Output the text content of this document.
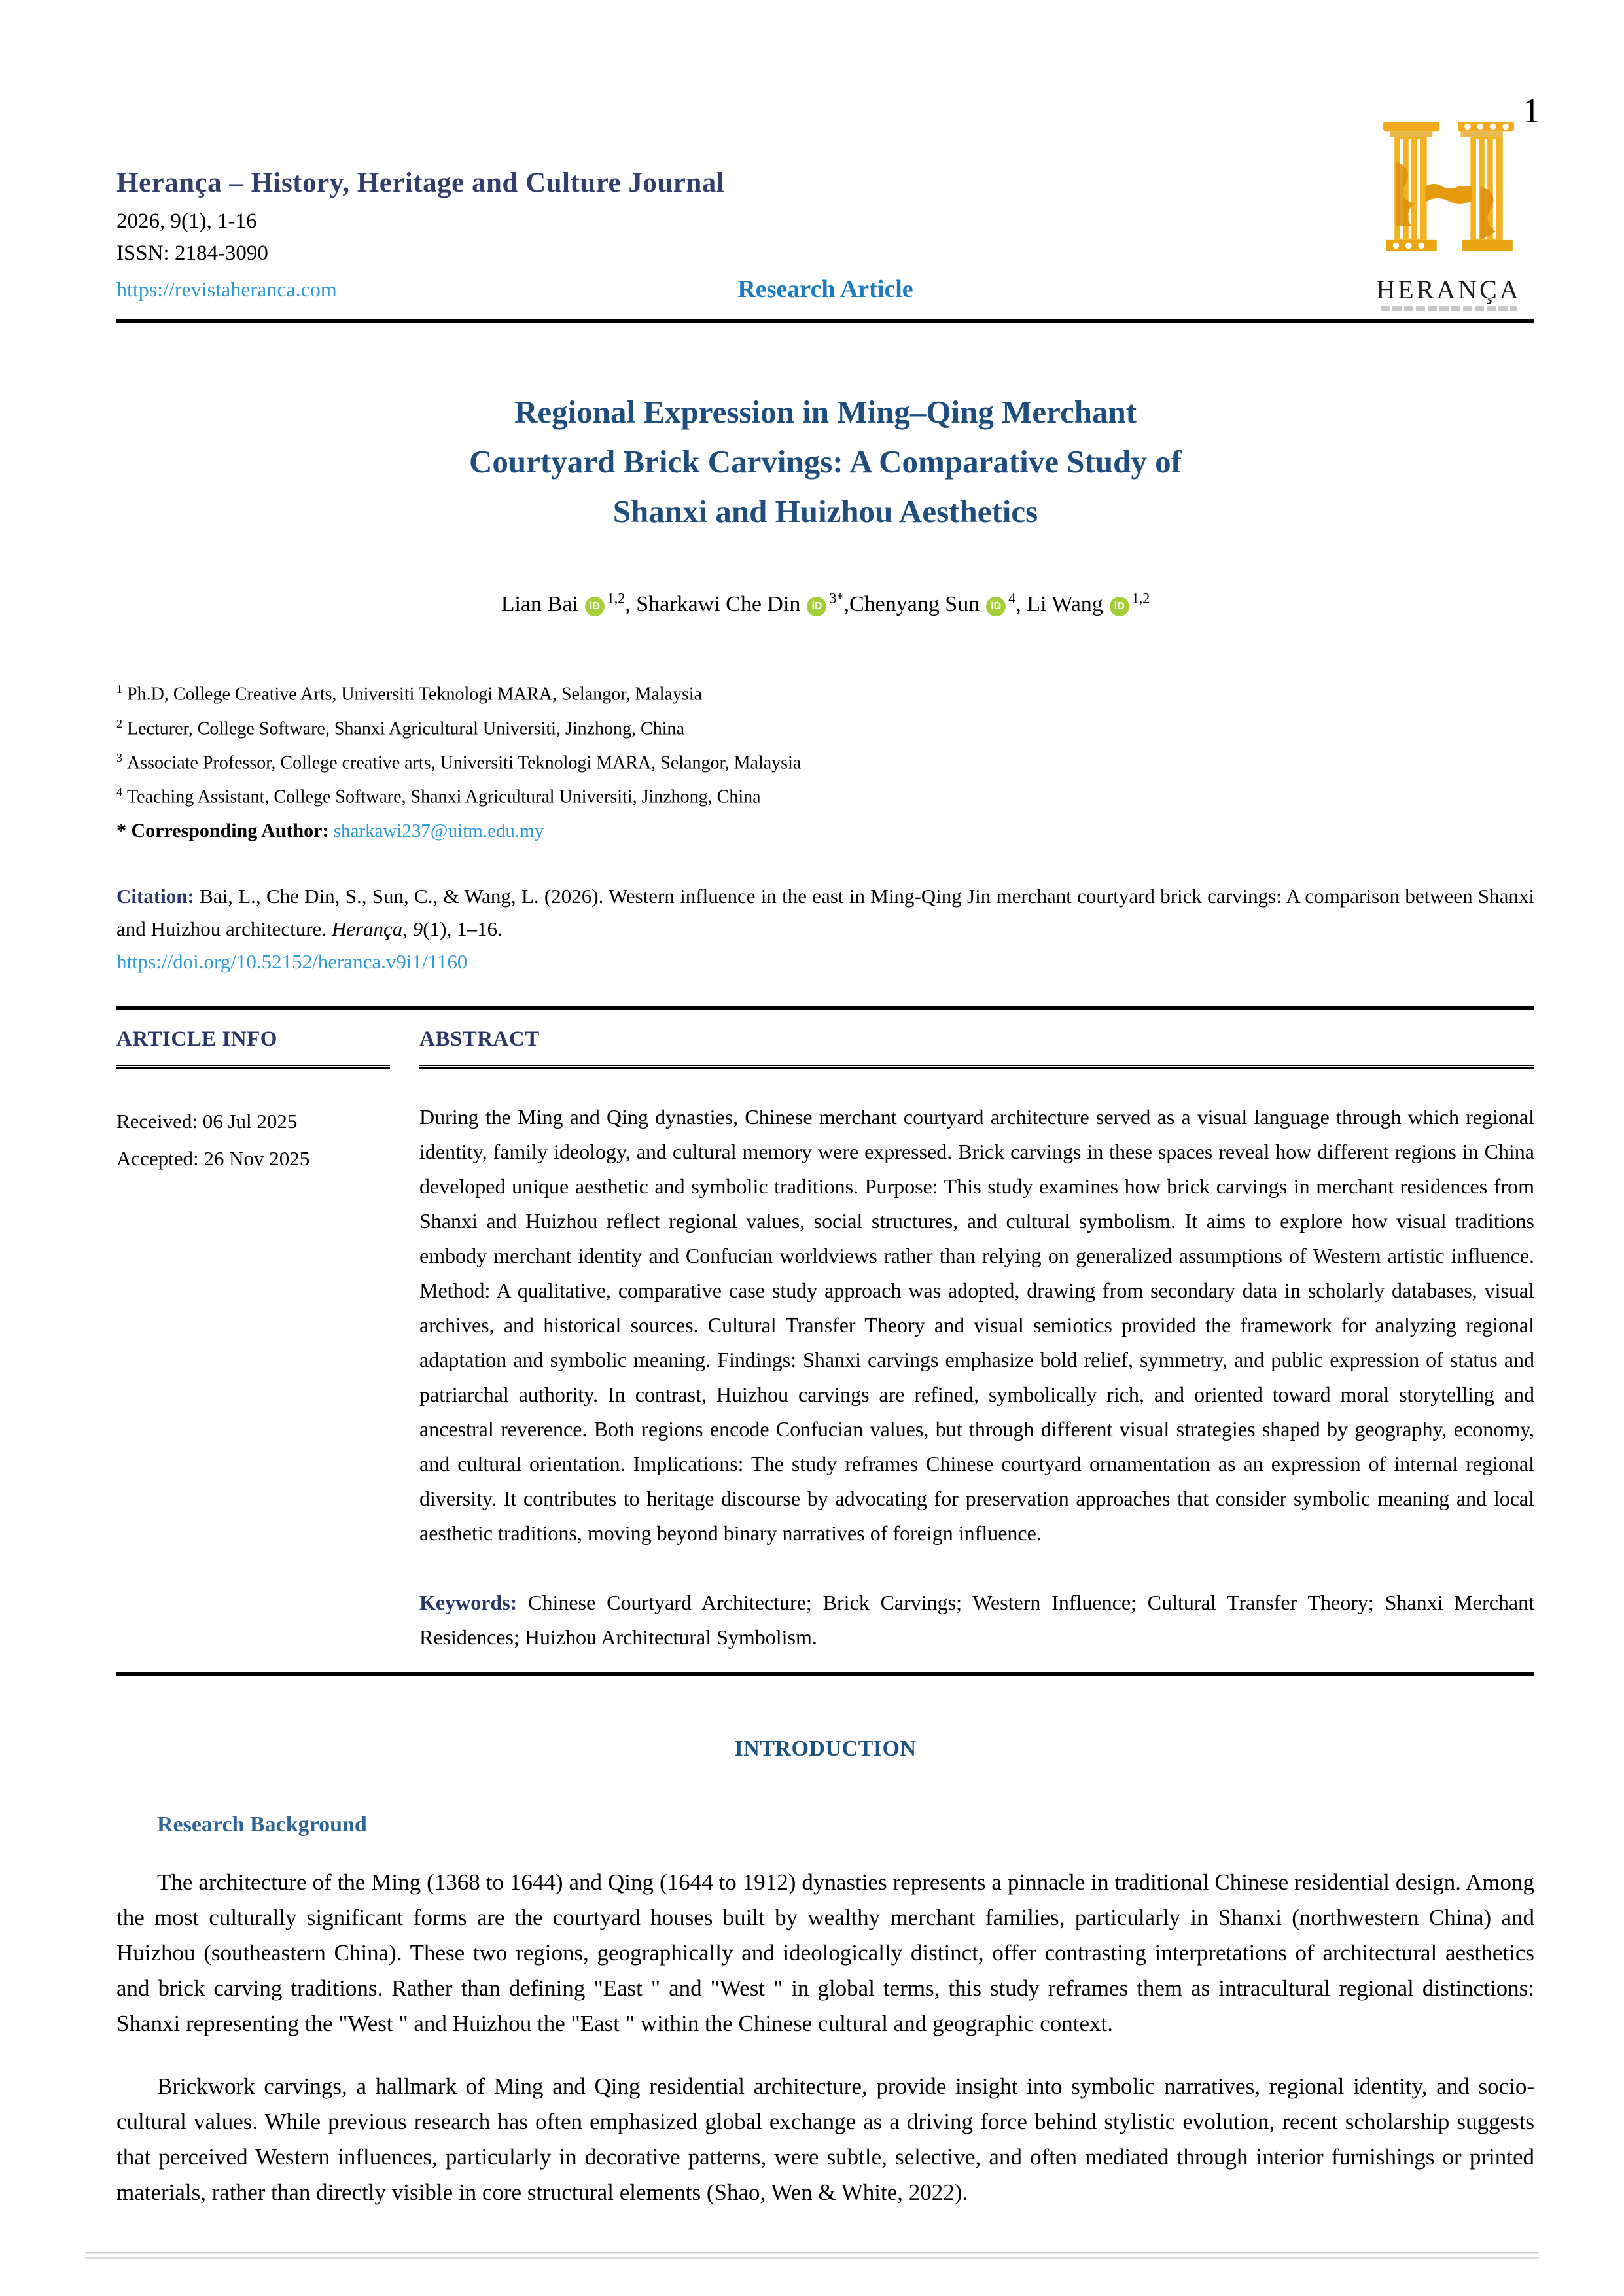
1
HERANÇA
Herança – History, Heritage and Culture Journal
2026, 9(1), 1-16
ISSN: 2184-3090
https://revistaheranca.com	Research Article
Regional Expression in Ming–Qing Merchant
Courtyard Brick Carvings: A Comparative Study of
Shanxi and Huizhou Aesthetics
Lian Bai iD $^{1,2}$, Sharkawi Che Din iD $^{3*}$,Chenyang Sun iD $^4$, Li Wang iD $^{1,2}$
$^1$ Ph.D, College Creative Arts, Universiti Teknologi MARA, Selangor, Malaysia
$^2$ Lecturer, College Software, Shanxi Agricultural Universiti, Jinzhong, China
$^3$ Associate Professor, College creative arts, Universiti Teknologi MARA, Selangor, Malaysia
$^4$ Teaching Assistant, College Software, Shanxi Agricultural Universiti, Jinzhong, China
* Corresponding Author: sharkawi237@uitm.edu.my
Citation: Bai, L., Che Din, S., Sun, C., & Wang, L. (2026). Western influence in the east in Ming-Qing Jin merchant courtyard brick carvings: A comparison between Shanxi and Huizhou architecture. Herança, 9(1), 1–16.
https://doi.org/10.52152/heranca.v9i1/1160
ARTICLE INFO
Received: 06 Jul 2025
Accepted: 26 Nov 2025
ABSTRACT
During the Ming and Qing dynasties, Chinese merchant courtyard architecture served as a visual language through which regional identity, family ideology, and cultural memory were expressed. Brick carvings in these spaces reveal how different regions in China developed unique aesthetic and symbolic traditions. Purpose: This study examines how brick carvings in merchant residences from Shanxi and Huizhou reflect regional values, social structures, and cultural symbolism. It aims to explore how visual traditions embody merchant identity and Confucian worldviews rather than relying on generalized assumptions of Western artistic influence. Method: A qualitative, comparative case study approach was adopted, drawing from secondary data in scholarly databases, visual archives, and historical sources. Cultural Transfer Theory and visual semiotics provided the framework for analyzing regional adaptation and symbolic meaning. Findings: Shanxi carvings emphasize bold relief, symmetry, and public expression of status and patriarchal authority. In contrast, Huizhou carvings are refined, symbolically rich, and oriented toward moral storytelling and ancestral reverence. Both regions encode Confucian values, but through different visual strategies shaped by geography, economy, and cultural orientation. Implications: The study reframes Chinese courtyard ornamentation as an expression of internal regional diversity. It contributes to heritage discourse by advocating for preservation approaches that consider symbolic meaning and local aesthetic traditions, moving beyond binary narratives of foreign influence.
Keywords: Chinese Courtyard Architecture; Brick Carvings; Western Influence; Cultural Transfer Theory; Shanxi Merchant Residences; Huizhou Architectural Symbolism.
INTRODUCTION
Research Background

The architecture of the Ming (1368 to 1644) and Qing (1644 to 1912) dynasties represents a pinnacle in traditional Chinese residential design. Among the most culturally significant forms are the courtyard houses built by wealthy merchant families, particularly in Shanxi (northwestern China) and Huizhou (southeastern China). These two regions, geographically and ideologically distinct, offer contrasting interpretations of architectural aesthetics and brick carving traditions. Rather than defining "East " and "West " in global terms, this study reframes them as intracultural regional distinctions: Shanxi representing the "West " and Huizhou the "East " within the Chinese cultural and geographic context.

Brickwork carvings, a hallmark of Ming and Qing residential architecture, provide insight into symbolic narratives, regional identity, and socio-cultural values. While previous research has often emphasized global exchange as a driving force behind stylistic evolution, recent scholarship suggests that perceived Western influences, particularly in decorative patterns, were subtle, selective, and often mediated through interior furnishings or printed materials, rather than directly visible in core structural elements (Shao, Wen & White, 2022).
